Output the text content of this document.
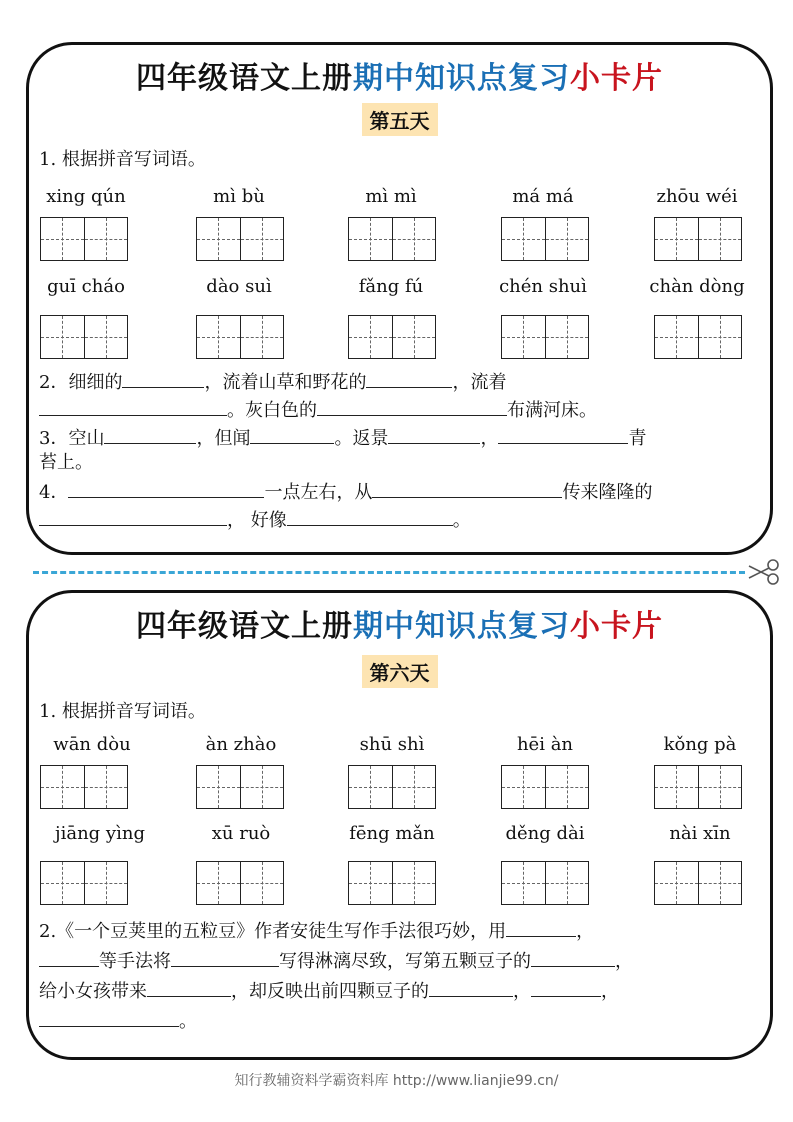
四年级语文上册期中知识点复习小卡片
第五天
1. 根据拼音写词语。
xing qún	mì bù	mì mì	má má	zhōu wéi
guī cháo	dào suì	fǎng fú	chén shuì	chàn dòng
2．细细的	，流着山草和野花的	，流着
。灰白色的	布满河床。
3．空山	，但闻	。返景	，	青
苔上。
4．	一点左右，从	传来隆隆的
， 好像	。
四年级语文上册期中知识点复习小卡片
第六天
1. 根据拼音写词语。
wān dòu	àn zhào	shū shì	hēi àn	kǒng pà
jiāng yìng	xū ruò	fēng mǎn	děng dài	nài xīn
2.《一个豆荚里的五粒豆》作者安徒生写作手法很巧妙，用	，
等手法将	写得淋漓尽致，写第五颗豆子的	，
给小女孩带来	，却反映出前四颗豆子的	，	，
。
知行教辅资料学霸资料库 http://www.lianjie99.cn/
